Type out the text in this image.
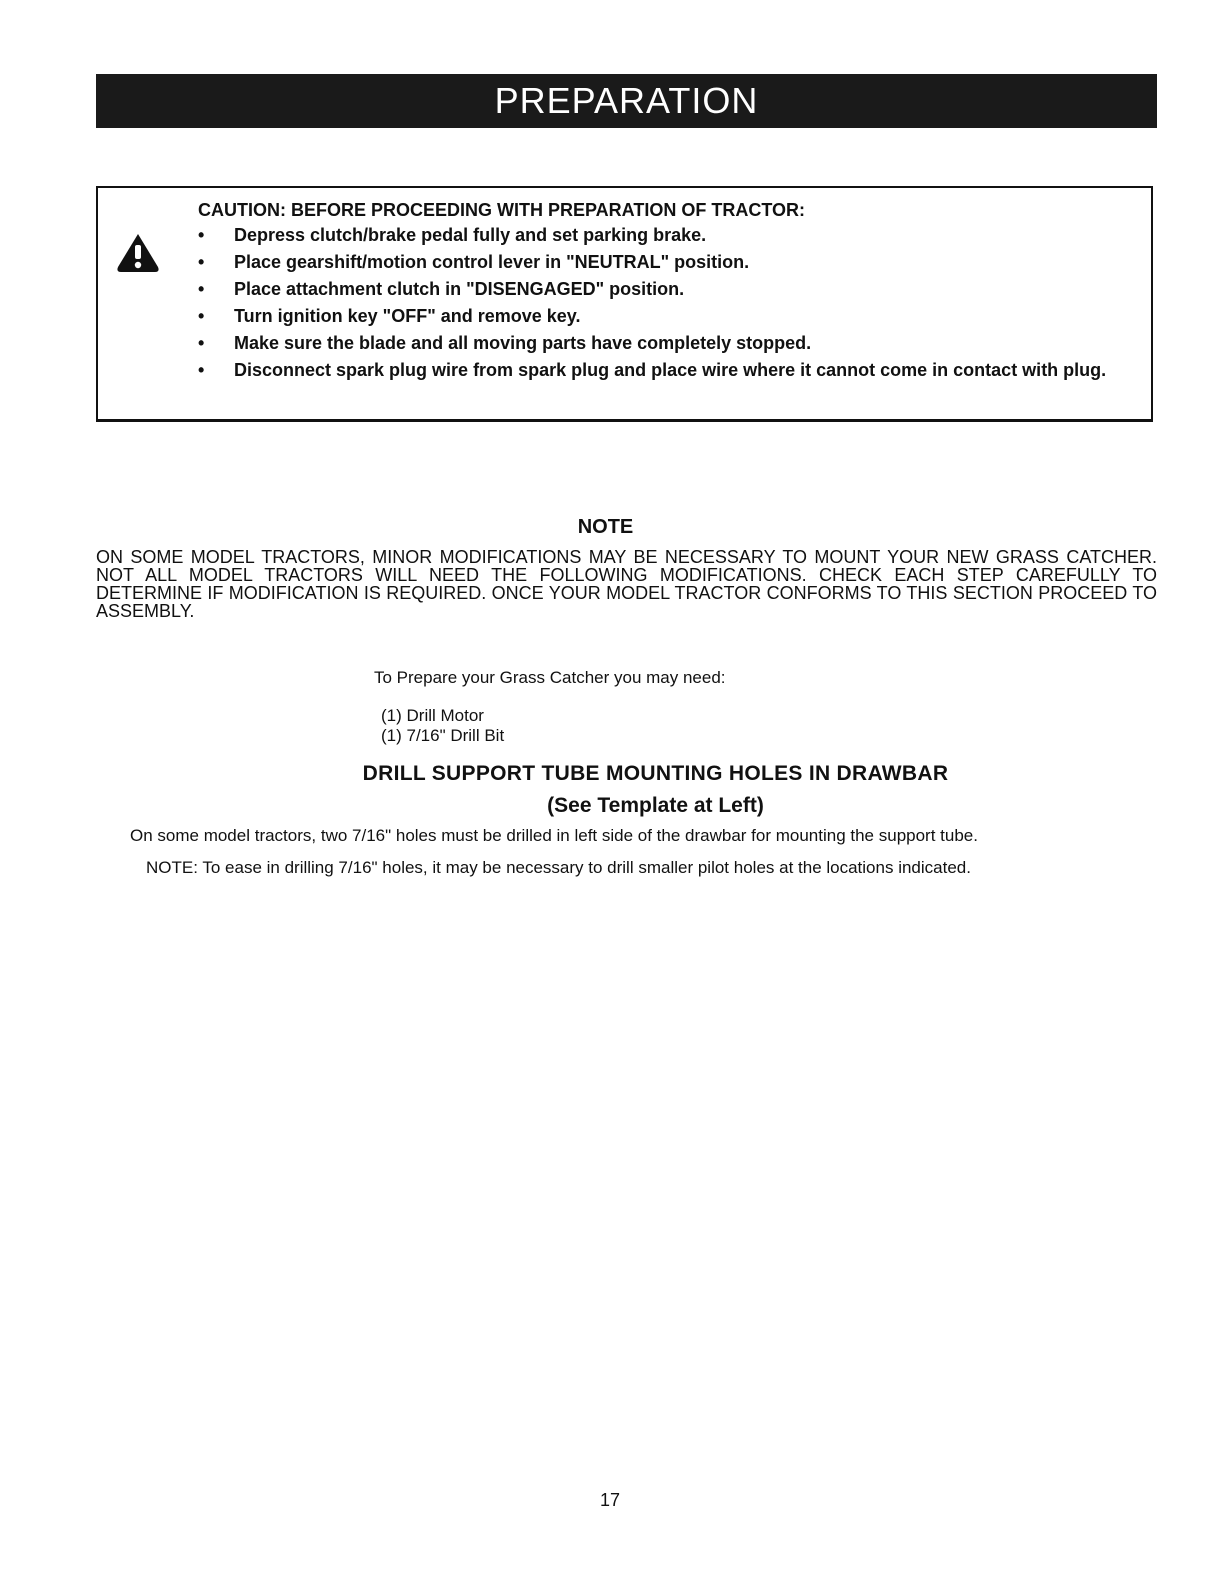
PREPARATION
CAUTION: BEFORE PROCEEDING WITH PREPARATION OF TRACTOR:
• Depress clutch/brake pedal fully and set parking brake.
• Place gearshift/motion control lever in "NEUTRAL" position.
• Place attachment clutch in "DISENGAGED" position.
• Turn ignition key "OFF" and remove key.
• Make sure the blade and all moving parts have completely stopped.
• Disconnect spark plug wire from spark plug and place wire where it cannot come in contact with plug.
NOTE
ON SOME MODEL TRACTORS, MINOR MODIFICATIONS MAY BE NECESSARY TO MOUNT YOUR NEW GRASS CATCHER. NOT ALL MODEL TRACTORS WILL NEED THE FOLLOWING MODIFICATIONS. CHECK EACH STEP CAREFULLY TO DETERMINE IF MODIFICATION IS REQUIRED. ONCE YOUR MODEL TRACTOR CONFORMS TO THIS SECTION PROCEED TO ASSEMBLY.
To Prepare your Grass Catcher you may need:
(1) Drill Motor
(1) 7/16" Drill Bit
DRILL SUPPORT TUBE MOUNTING HOLES IN DRAWBAR
(See Template at Left)
On some model tractors, two 7/16" holes must be drilled in left side of the drawbar for mounting the support tube.
NOTE: To ease in drilling 7/16" holes, it may be necessary to drill smaller pilot holes at the locations indicated.
17
